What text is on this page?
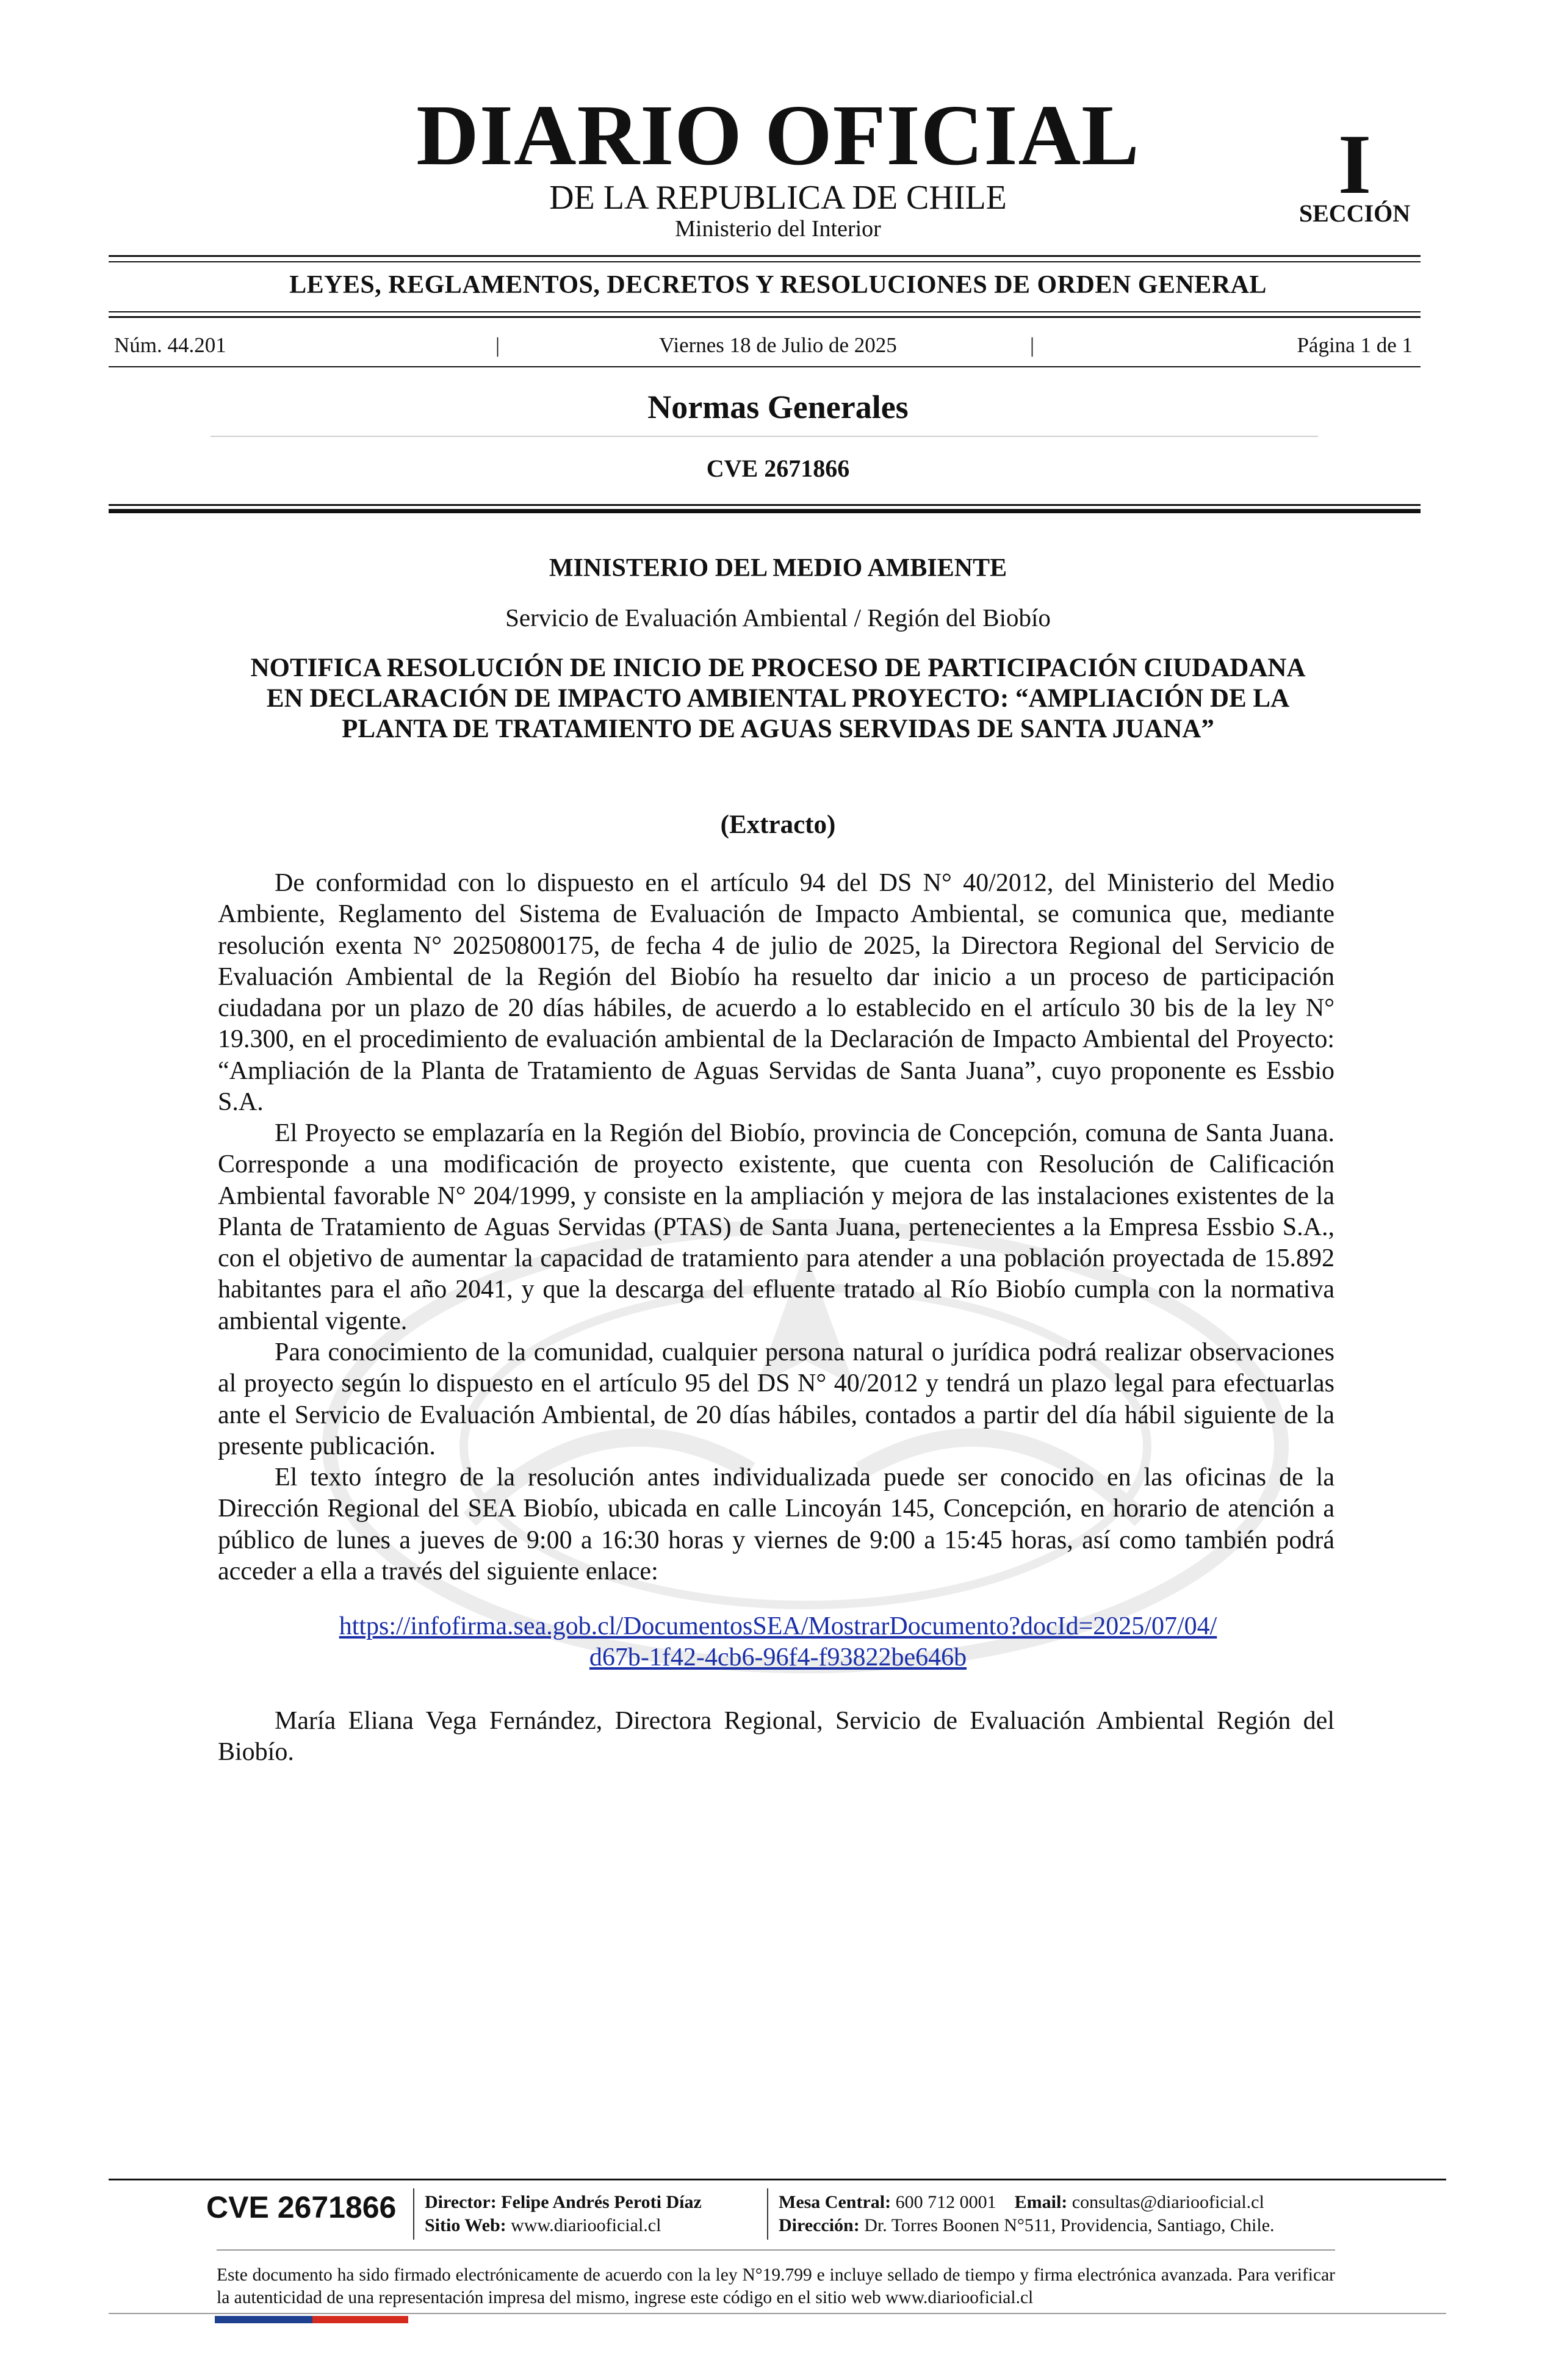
DIARIO OFICIAL
DE LA REPUBLICA DE CHILE
Ministerio del Interior
I
SECCIÓN
LEYES, REGLAMENTOS, DECRETOS Y RESOLUCIONES DE ORDEN GENERAL
Núm. 44.201	|	Viernes 18 de Julio de 2025	|	Página 1 de 1
Normas Generales
CVE 2671866
MINISTERIO DEL MEDIO AMBIENTE
Servicio de Evaluación Ambiental / Región del Biobío
NOTIFICA RESOLUCIÓN DE INICIO DE PROCESO DE PARTICIPACIÓN CIUDADANA EN DECLARACIÓN DE IMPACTO AMBIENTAL PROYECTO: “AMPLIACIÓN DE LA PLANTA DE TRATAMIENTO DE AGUAS SERVIDAS DE SANTA JUANA”
(Extracto)

De conformidad con lo dispuesto en el artículo 94 del DS N° 40/2012, del Ministerio del Medio Ambiente, Reglamento del Sistema de Evaluación de Impacto Ambiental, se comunica que, mediante resolución exenta N° 20250800175, de fecha 4 de julio de 2025, la Directora Regional del Servicio de Evaluación Ambiental de la Región del Biobío ha resuelto dar inicio a un proceso de participación ciudadana por un plazo de 20 días hábiles, de acuerdo a lo establecido en el artículo 30 bis de la ley N° 19.300, en el procedimiento de evaluación ambiental de la Declaración de Impacto Ambiental del Proyecto: “Ampliación de la Planta de Tratamiento de Aguas Servidas de Santa Juana”, cuyo proponente es Essbio S.A.

El Proyecto se emplazaría en la Región del Biobío, provincia de Concepción, comuna de Santa Juana. Corresponde a una modificación de proyecto existente, que cuenta con Resolución de Calificación Ambiental favorable N° 204/1999, y consiste en la ampliación y mejora de las instalaciones existentes de la Planta de Tratamiento de Aguas Servidas (PTAS) de Santa Juana, pertenecientes a la Empresa Essbio S.A., con el objetivo de aumentar la capacidad de tratamiento para atender a una población proyectada de 15.892 habitantes para el año 2041, y que la descarga del efluente tratado al Río Biobío cumpla con la normativa ambiental vigente.

Para conocimiento de la comunidad, cualquier persona natural o jurídica podrá realizar observaciones al proyecto según lo dispuesto en el artículo 95 del DS N° 40/2012 y tendrá un plazo legal para efectuarlas ante el Servicio de Evaluación Ambiental, de 20 días hábiles, contados a partir del día hábil siguiente de la presente publicación.

El texto íntegro de la resolución antes individualizada puede ser conocido en las oficinas de la Dirección Regional del SEA Biobío, ubicada en calle Lincoyán 145, Concepción, en horario de atención a público de lunes a jueves de 9:00 a 16:30 horas y viernes de 9:00 a 15:45 horas, así como también podrá acceder a ella a través del siguiente enlace:

https://infofirma.sea.gob.cl/DocumentosSEA/MostrarDocumento?docId=2025/07/04/
d67b-1f42-4cb6-96f4-f93822be646b

María Eliana Vega Fernández, Directora Regional, Servicio de Evaluación Ambiental Región del Biobío.

CVE 2671866	Director: Felipe Andrés Peroti Díaz
Sitio Web: www.diariooficial.cl
Mesa Central: 600 712 0001 Email: consultas@diariooficial.cl
Dirección: Dr. Torres Boonen N°511, Providencia, Santiago, Chile.
Este documento ha sido firmado electrónicamente de acuerdo con la ley N°19.799 e incluye sellado de tiempo y firma electrónica avanzada. Para verificar la autenticidad de una representación impresa del mismo, ingrese este código en el sitio web www.diariooficial.cl
